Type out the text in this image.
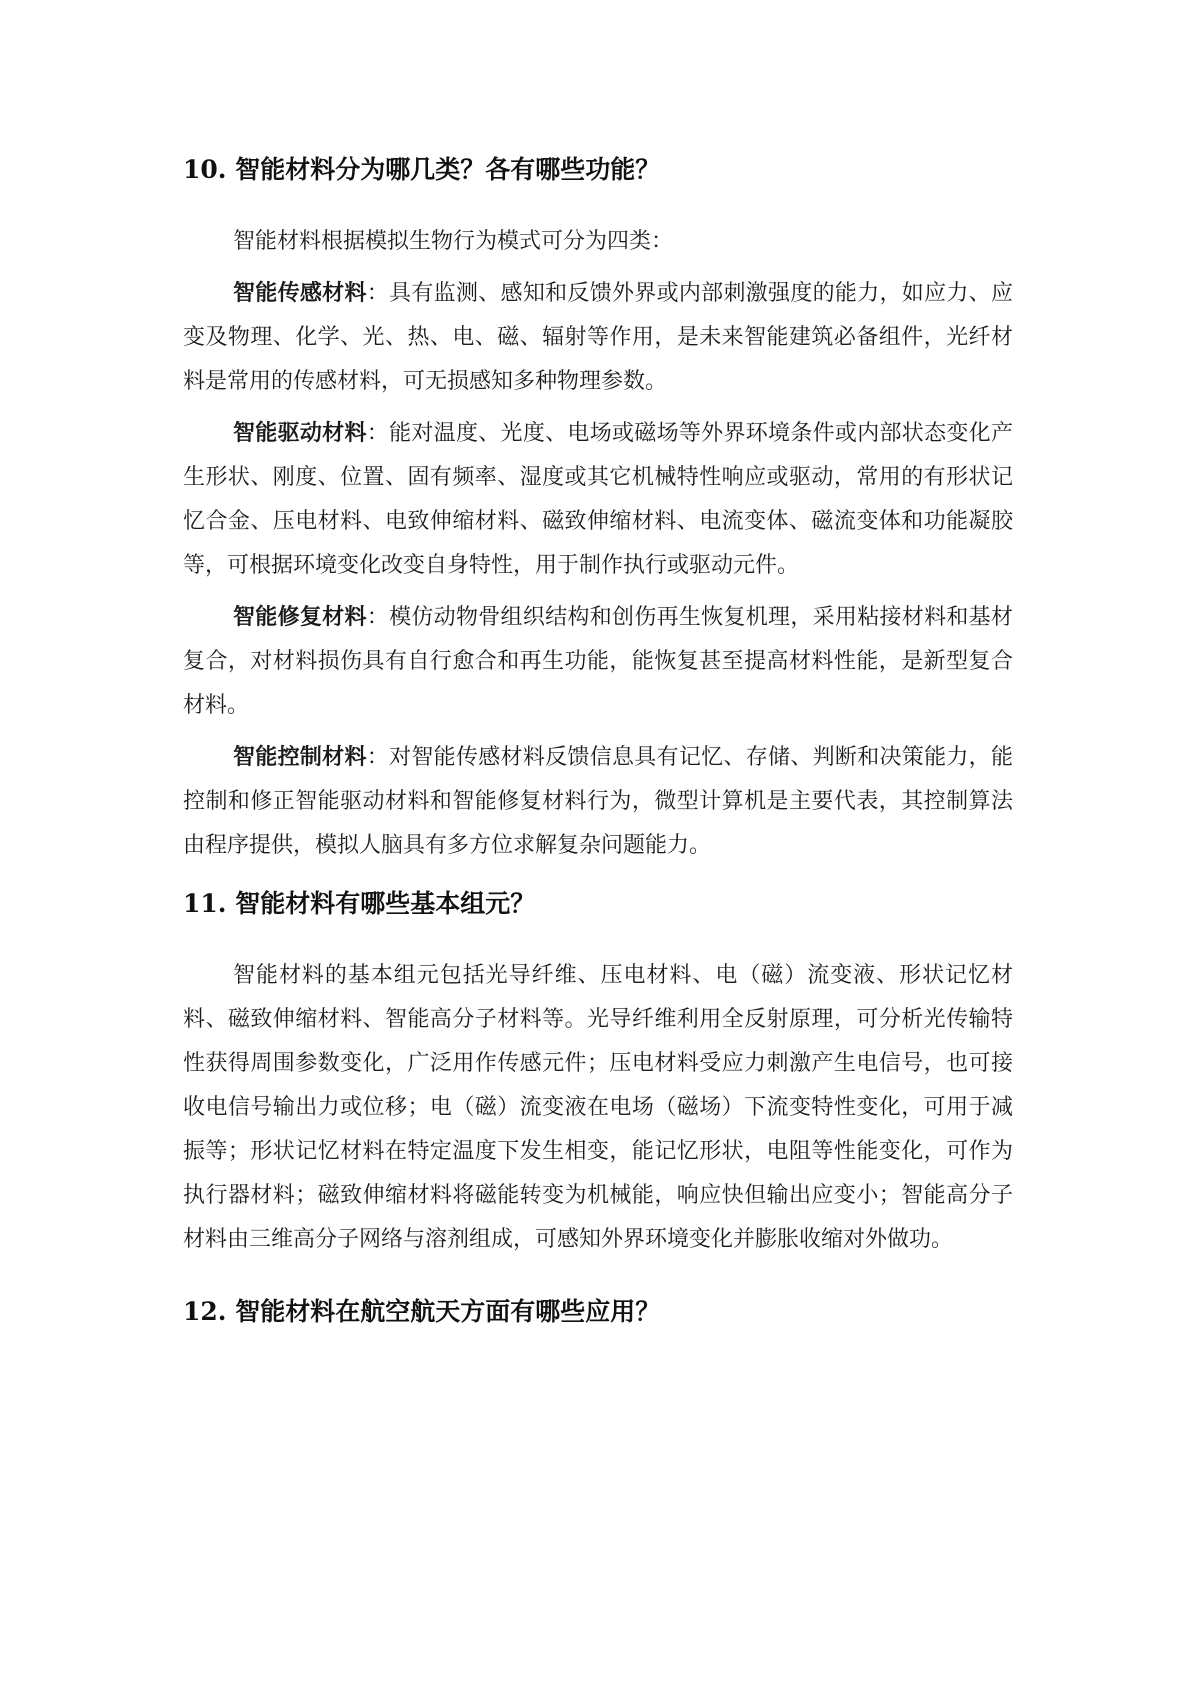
10. 智能材料分为哪几类？各有哪些功能？

智能材料根据模拟生物行为模式可分为四类：

智能传感材料：具有监测、感知和反馈外界或内部刺激强度的能力，如应力、应变及物理、化学、光、热、电、磁、辐射等作用，是未来智能建筑必备组件，光纤材料是常用的传感材料，可无损感知多种物理参数。

智能驱动材料：能对温度、光度、电场或磁场等外界环境条件或内部状态变化产生形状、刚度、位置、固有频率、湿度或其它机械特性响应或驱动，常用的有形状记忆合金、压电材料、电致伸缩材料、磁致伸缩材料、电流变体、磁流变体和功能凝胶等，可根据环境变化改变自身特性，用于制作执行或驱动元件。

智能修复材料：模仿动物骨组织结构和创伤再生恢复机理，采用粘接材料和基材复合，对材料损伤具有自行愈合和再生功能，能恢复甚至提高材料性能，是新型复合材料。

智能控制材料：对智能传感材料反馈信息具有记忆、存储、判断和决策能力，能控制和修正智能驱动材料和智能修复材料行为，微型计算机是主要代表，其控制算法由程序提供，模拟人脑具有多方位求解复杂问题能力。

11. 智能材料有哪些基本组元？

智能材料的基本组元包括光导纤维、压电材料、电（磁）流变液、形状记忆材料、磁致伸缩材料、智能高分子材料等。光导纤维利用全反射原理，可分析光传输特性获得周围参数变化，广泛用作传感元件；压电材料受应力刺激产生电信号，也可接收电信号输出力或位移；电（磁）流变液在电场（磁场）下流变特性变化，可用于减振等；形状记忆材料在特定温度下发生相变，能记忆形状，电阻等性能变化，可作为执行器材料；磁致伸缩材料将磁能转变为机械能，响应快但输出应变小；智能高分子材料由三维高分子网络与溶剂组成，可感知外界环境变化并膨胀收缩对外做功。

12. 智能材料在航空航天方面有哪些应用？
